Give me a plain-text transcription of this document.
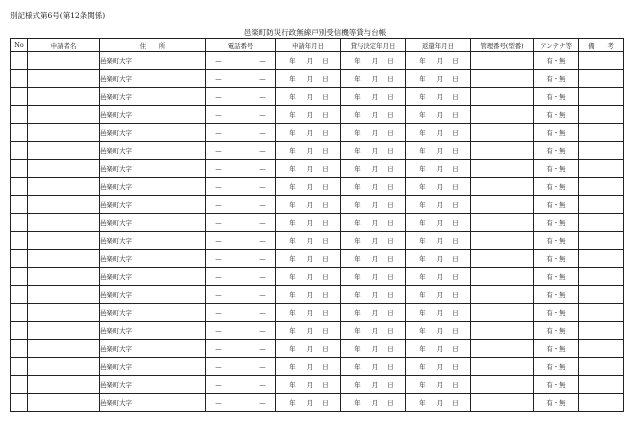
別記様式第6号(第12条関係)
邑楽町防災行政無線戸別受信機等貸与台帳
No	申請者名	住　　所	電話番号	申請年月日	貸与決定年月日	返還年月日	管理番号(型番)	アンテナ等	備　　考
		邑楽町大字	— —	年 月 日	年 月 日	年 月 日		有・無	
		邑楽町大字	— —	年 月 日	年 月 日	年 月 日		有・無	
		邑楽町大字	— —	年 月 日	年 月 日	年 月 日		有・無	
		邑楽町大字	— —	年 月 日	年 月 日	年 月 日		有・無	
		邑楽町大字	— —	年 月 日	年 月 日	年 月 日		有・無	
		邑楽町大字	— —	年 月 日	年 月 日	年 月 日		有・無	
		邑楽町大字	— —	年 月 日	年 月 日	年 月 日		有・無	
		邑楽町大字	— —	年 月 日	年 月 日	年 月 日		有・無	
		邑楽町大字	— —	年 月 日	年 月 日	年 月 日		有・無	
		邑楽町大字	— —	年 月 日	年 月 日	年 月 日		有・無	
		邑楽町大字	— —	年 月 日	年 月 日	年 月 日		有・無	
		邑楽町大字	— —	年 月 日	年 月 日	年 月 日		有・無	
		邑楽町大字	— —	年 月 日	年 月 日	年 月 日		有・無	
		邑楽町大字	— —	年 月 日	年 月 日	年 月 日		有・無	
		邑楽町大字	— —	年 月 日	年 月 日	年 月 日		有・無	
		邑楽町大字	— —	年 月 日	年 月 日	年 月 日		有・無	
		邑楽町大字	— —	年 月 日	年 月 日	年 月 日		有・無	
		邑楽町大字	— —	年 月 日	年 月 日	年 月 日		有・無	
		邑楽町大字	— —	年 月 日	年 月 日	年 月 日		有・無	
		邑楽町大字	— —	年 月 日	年 月 日	年 月 日		有・無	
